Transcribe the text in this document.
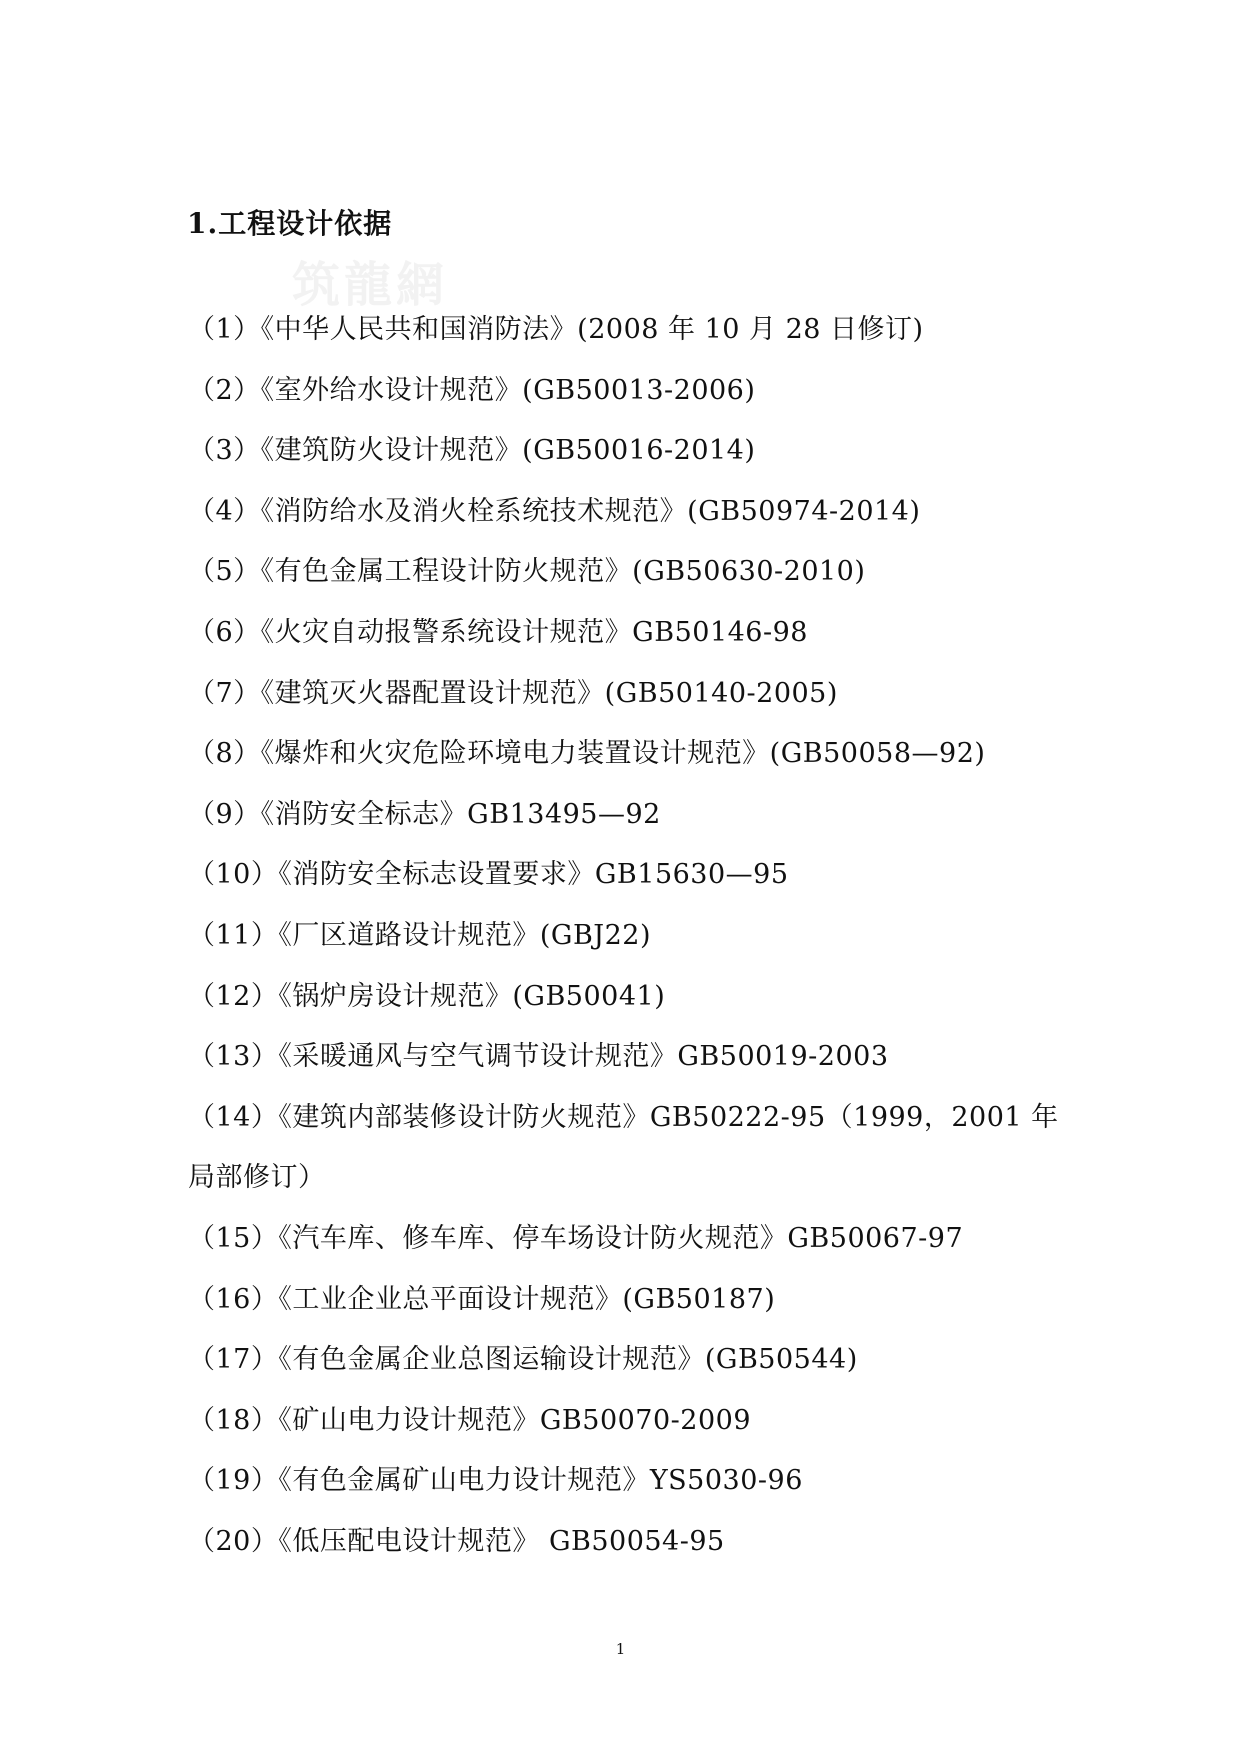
筑龍網
1.工程设计依据
（1）《中华人民共和国消防法》(2008 年 10 月 28 日修订)
（2）《室外给水设计规范》(GB50013-2006)
（3）《建筑防火设计规范》(GB50016-2014)
（4）《消防给水及消火栓系统技术规范》(GB50974-2014)
（5）《有色金属工程设计防火规范》(GB50630-2010)
（6）《火灾自动报警系统设计规范》GB50146-98
（7）《建筑灭火器配置设计规范》(GB50140-2005)
（8）《爆炸和火灾危险环境电力装置设计规范》(GB50058—92)
（9）《消防安全标志》GB13495—92
（10）《消防安全标志设置要求》GB15630—95
（11）《厂区道路设计规范》(GBJ22)
（12）《锅炉房设计规范》(GB50041)
（13）《采暖通风与空气调节设计规范》GB50019-2003
（14）《建筑内部装修设计防火规范》GB50222-95（1999，2001 年局部修订）
（15）《汽车库、修车库、停车场设计防火规范》GB50067-97
（16）《工业企业总平面设计规范》(GB50187)
（17）《有色金属企业总图运输设计规范》(GB50544)
（18）《矿山电力设计规范》GB50070-2009
（19）《有色金属矿山电力设计规范》YS5030-96
（20）《低压配电设计规范》 GB50054-95
1
